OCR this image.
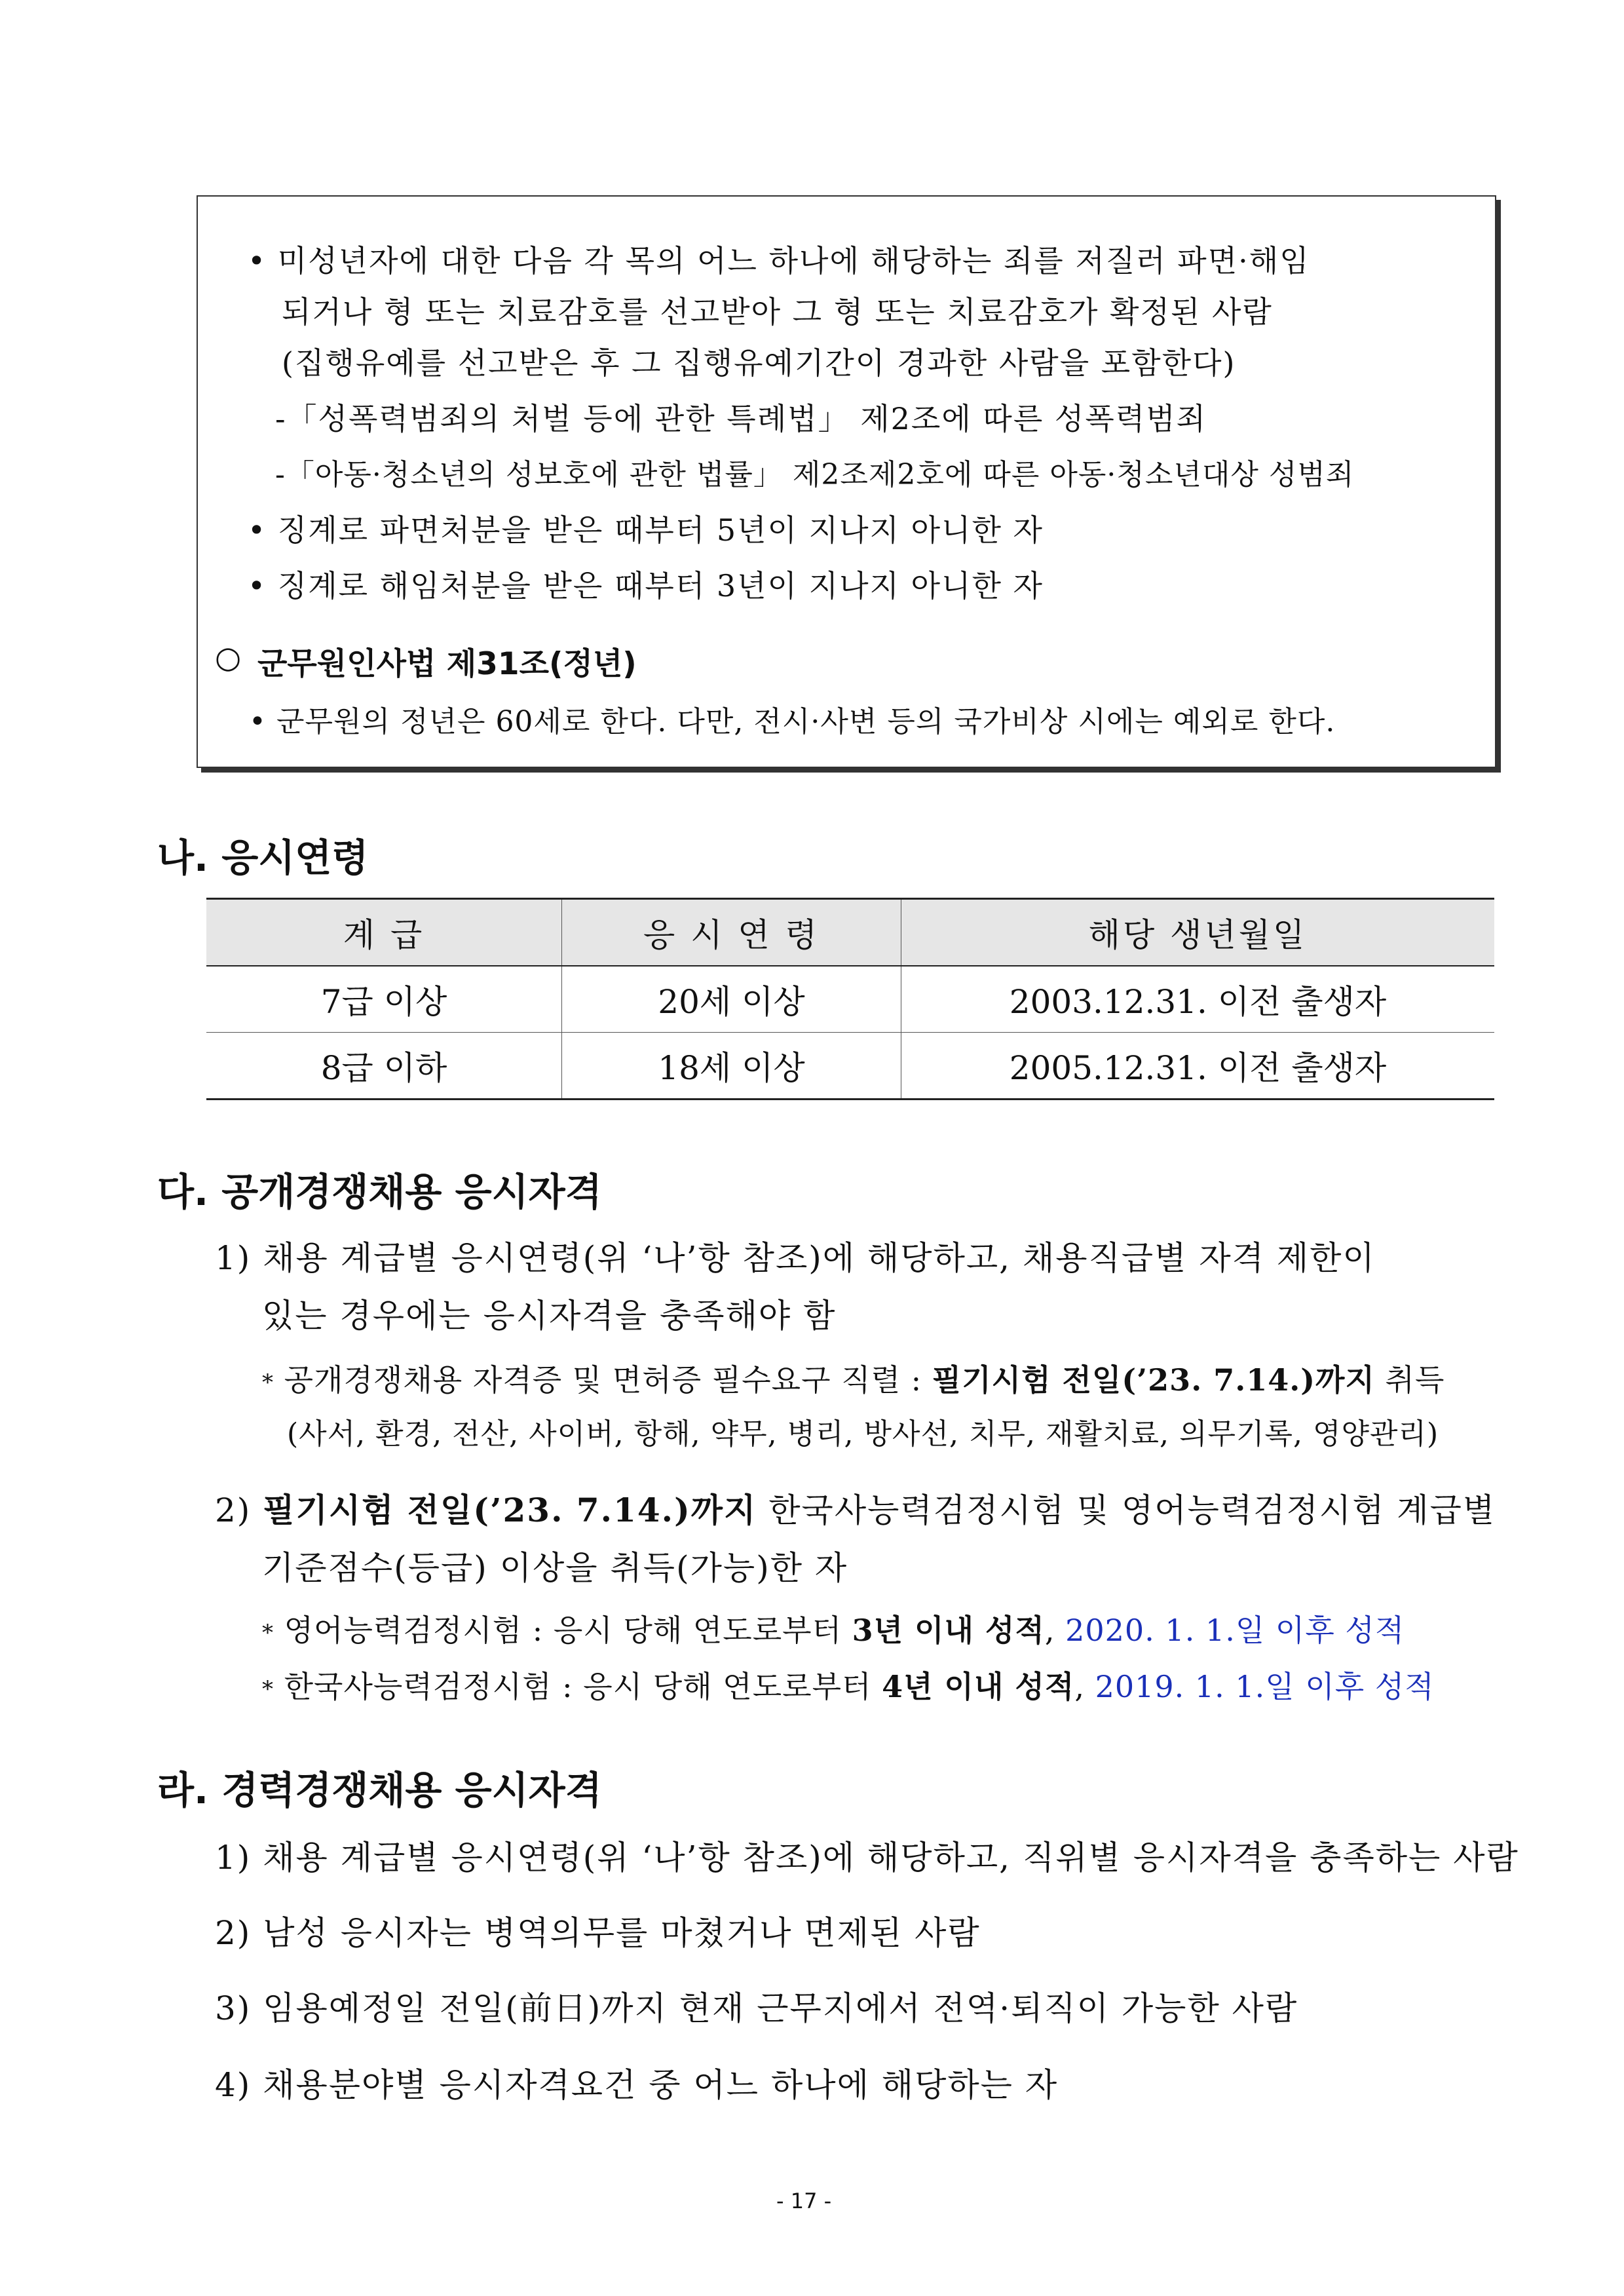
• 미성년자에 대한 다음 각 목의 어느 하나에 해당하는 죄를 저질러 파면·해임
되거나 형 또는 치료감호를 선고받아 그 형 또는 치료감호가 확정된 사람
(집행유예를 선고받은 후 그 집행유예기간이 경과한 사람을 포함한다)
-「성폭력범죄의 처벌 등에 관한 특례법」 제2조에 따른 성폭력범죄
-「아동·청소년의 성보호에 관한 법률」 제2조제2호에 따른 아동·청소년대상 성범죄
• 징계로 파면처분을 받은 때부터 5년이 지나지 아니한 자
• 징계로 해임처분을 받은 때부터 3년이 지나지 아니한 자
○ 군무원인사법 제31조(정년)
• 군무원의 정년은 60세로 한다. 다만, 전시·사변 등의 국가비상 시에는 예외로 한다.
나. 응시연령
계 급	응 시 연 령	해당 생년월일
7급 이상	20세 이상	2003.12.31. 이전 출생자
8급 이하	18세 이상	2005.12.31. 이전 출생자
다. 공개경쟁채용 응시자격
1) 채용 계급별 응시연령(위 ‘나’항 참조)에 해당하고, 채용직급별 자격 제한이
있는 경우에는 응시자격을 충족해야 함
* 공개경쟁채용 자격증 및 면허증 필수요구 직렬 : 필기시험 전일(’23. 7.14.)까지 취득
(사서, 환경, 전산, 사이버, 항해, 약무, 병리, 방사선, 치무, 재활치료, 의무기록, 영양관리)
2) 필기시험 전일(’23. 7.14.)까지 한국사능력검정시험 및 영어능력검정시험 계급별
기준점수(등급) 이상을 취득(가능)한 자
* 영어능력검정시험 : 응시 당해 연도로부터 3년 이내 성적, 2020. 1. 1.일 이후 성적
* 한국사능력검정시험 : 응시 당해 연도로부터 4년 이내 성적, 2019. 1. 1.일 이후 성적
라. 경력경쟁채용 응시자격
1) 채용 계급별 응시연령(위 ‘나’항 참조)에 해당하고, 직위별 응시자격을 충족하는 사람
2) 남성 응시자는 병역의무를 마쳤거나 면제된 사람
3) 임용예정일 전일(前日)까지 현재 근무지에서 전역·퇴직이 가능한 사람
4) 채용분야별 응시자격요건 중 어느 하나에 해당하는 자
- 17 -
